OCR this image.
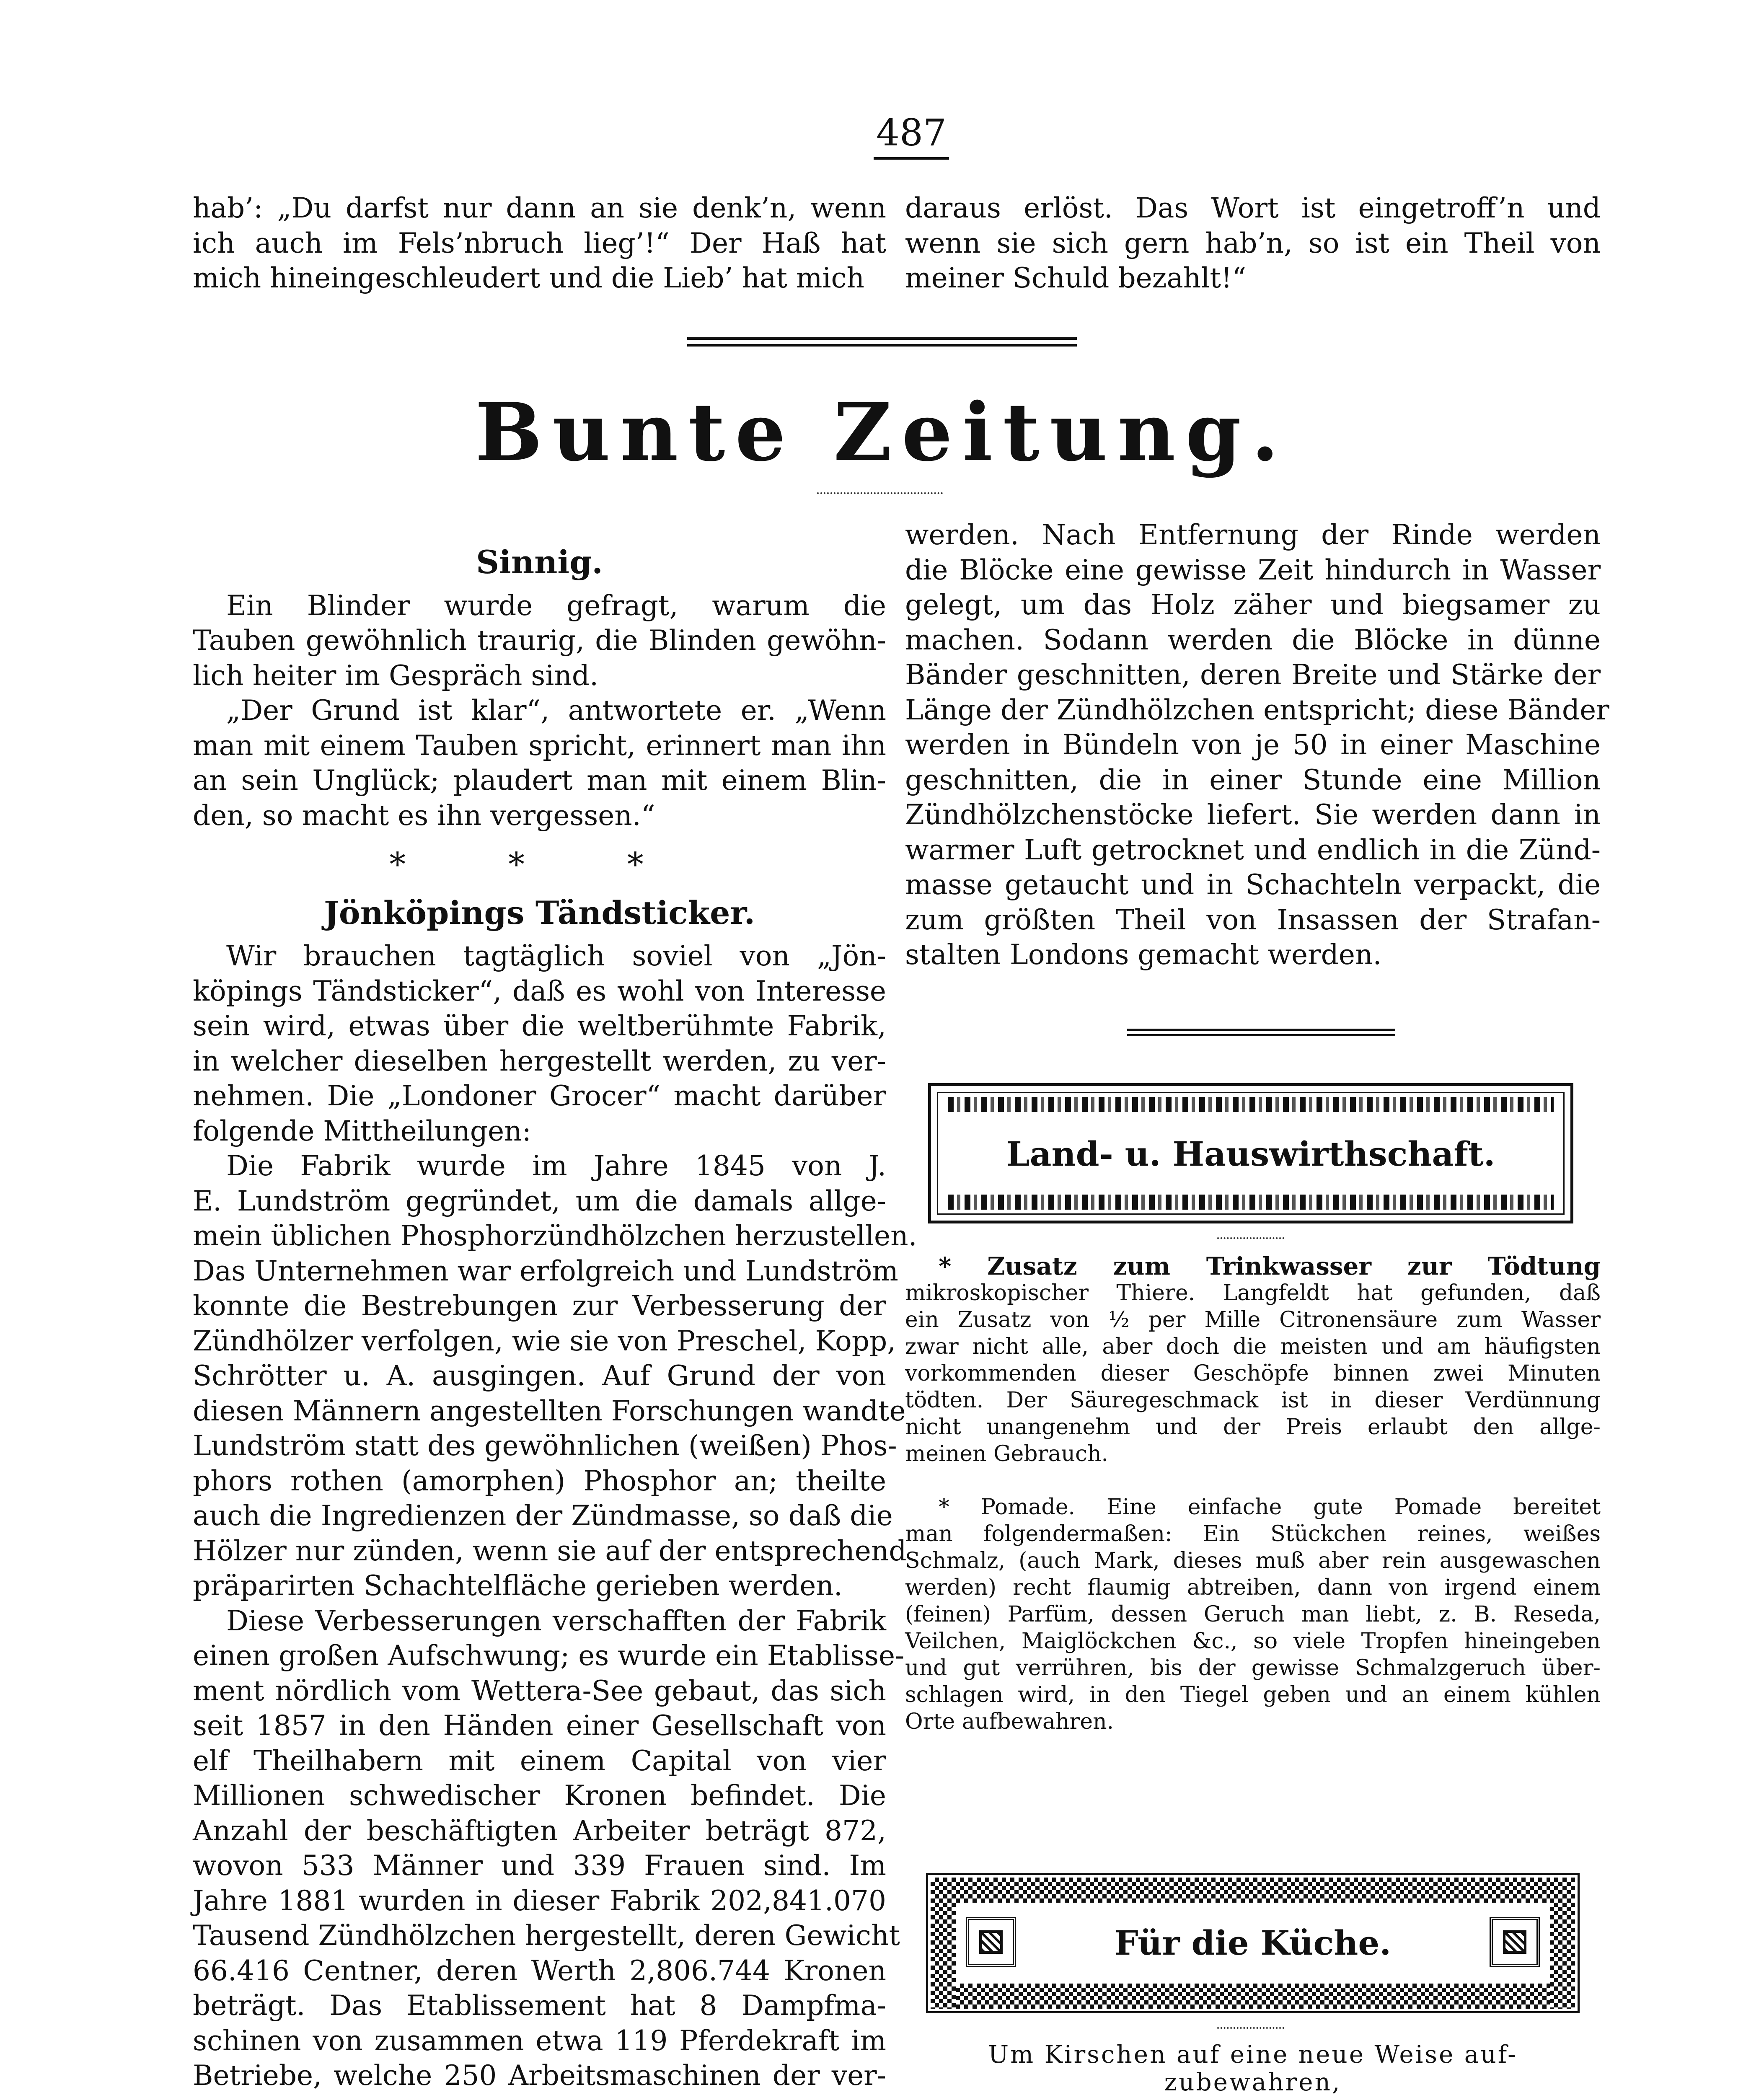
487

hab’: „Du darfst nur dann an sie denk’n, wenn

ich auch im Fels’nbruch lieg’!“ Der Haß hat

mich hineingeschleudert und die Lieb’ hat mich

daraus erlöst. Das Wort ist eingetroff’n und

wenn sie sich gern hab’n, so ist ein Theil von

meiner Schuld bezahlt!“

Bunte Zeitung.
Sinnig.

Ein Blinder wurde gefragt, warum die

Tauben gewöhnlich traurig, die Blinden gewöhn-

lich heiter im Gespräch sind.

„Der Grund ist klar“, antwortete er. „Wenn

man mit einem Tauben spricht, erinnert man ihn

an sein Unglück; plaudert man mit einem Blin-

den, so macht es ihn vergessen.“

* * *
Jönköpings Tändsticker.

Wir brauchen tagtäglich soviel von „Jön-

köpings Tändsticker“, daß es wohl von Interesse

sein wird, etwas über die weltberühmte Fabrik,

in welcher dieselben hergestellt werden, zu ver-

nehmen. Die „Londoner Grocer“ macht darüber

folgende Mittheilungen:

Die Fabrik wurde im Jahre 1845 von J.

E. Lundström gegründet, um die damals allge-

mein üblichen Phosphorzündhölzchen herzustellen.

Das Unternehmen war erfolgreich und Lundström

konnte die Bestrebungen zur Verbesserung der

Zündhölzer verfolgen, wie sie von Preschel, Kopp,

Schrötter u. A. ausgingen. Auf Grund der von

diesen Männern angestellten Forschungen wandte

Lundström statt des gewöhnlichen (weißen) Phos-

phors rothen (amorphen) Phosphor an; theilte

auch die Ingredienzen der Zündmasse, so daß die

Hölzer nur zünden, wenn sie auf der entsprechend

präparirten Schachtelfläche gerieben werden.

Diese Verbesserungen verschafften der Fabrik

einen großen Aufschwung; es wurde ein Etablisse-

ment nördlich vom Wettera-See gebaut, das sich

seit 1857 in den Händen einer Gesellschaft von

elf Theilhabern mit einem Capital von vier

Millionen schwedischer Kronen befindet. Die

Anzahl der beschäftigten Arbeiter beträgt 872,

wovon 533 Männer und 339 Frauen sind. Im

Jahre 1881 wurden in dieser Fabrik 202,841.070

Tausend Zündhölzchen hergestellt, deren Gewicht

66.416 Centner, deren Werth 2,806.744 Kronen

beträgt. Das Etablissement hat 8 Dampfma-

schinen von zusammen etwa 119 Pferdekraft im

Betriebe, welche 250 Arbeitsmaschinen der ver-

werden. Nach Entfernung der Rinde werden

die Blöcke eine gewisse Zeit hindurch in Wasser

gelegt, um das Holz zäher und biegsamer zu

machen. Sodann werden die Blöcke in dünne

Bänder geschnitten, deren Breite und Stärke der

Länge der Zündhölzchen entspricht; diese Bänder

werden in Bündeln von je 50 in einer Maschine

geschnitten, die in einer Stunde eine Million

Zündhölzchenstöcke liefert. Sie werden dann in

warmer Luft getrocknet und endlich in die Zünd-

masse getaucht und in Schachteln verpackt, die

zum größten Theil von Insassen der Strafan-

stalten Londons gemacht werden.

Land- u. Hauswirthschaft.

* Zusatz zum Trinkwasser zur Tödtung

mikroskopischer Thiere. Langfeldt hat gefunden, daß

ein Zusatz von ½ per Mille Citronensäure zum Wasser

zwar nicht alle, aber doch die meisten und am häufigsten

vorkommenden dieser Geschöpfe binnen zwei Minuten

tödten. Der Säuregeschmack ist in dieser Verdünnung

nicht unangenehm und der Preis erlaubt den allge-

meinen Gebrauch.

* Pomade. Eine einfache gute Pomade bereitet

man folgendermaßen: Ein Stückchen reines, weißes

Schmalz, (auch Mark, dieses muß aber rein ausgewaschen

werden) recht flaumig abtreiben, dann von irgend einem

(feinen) Parfüm, dessen Geruch man liebt, z. B. Reseda,

Veilchen, Maiglöckchen &c., so viele Tropfen hineingeben

und gut verrühren, bis der gewisse Schmalzgeruch über-

schlagen wird, in den Tiegel geben und an einem kühlen

Orte aufbewahren.

Für die Küche.
Um Kirschen auf eine neue Weise auf-
zubewahren,
